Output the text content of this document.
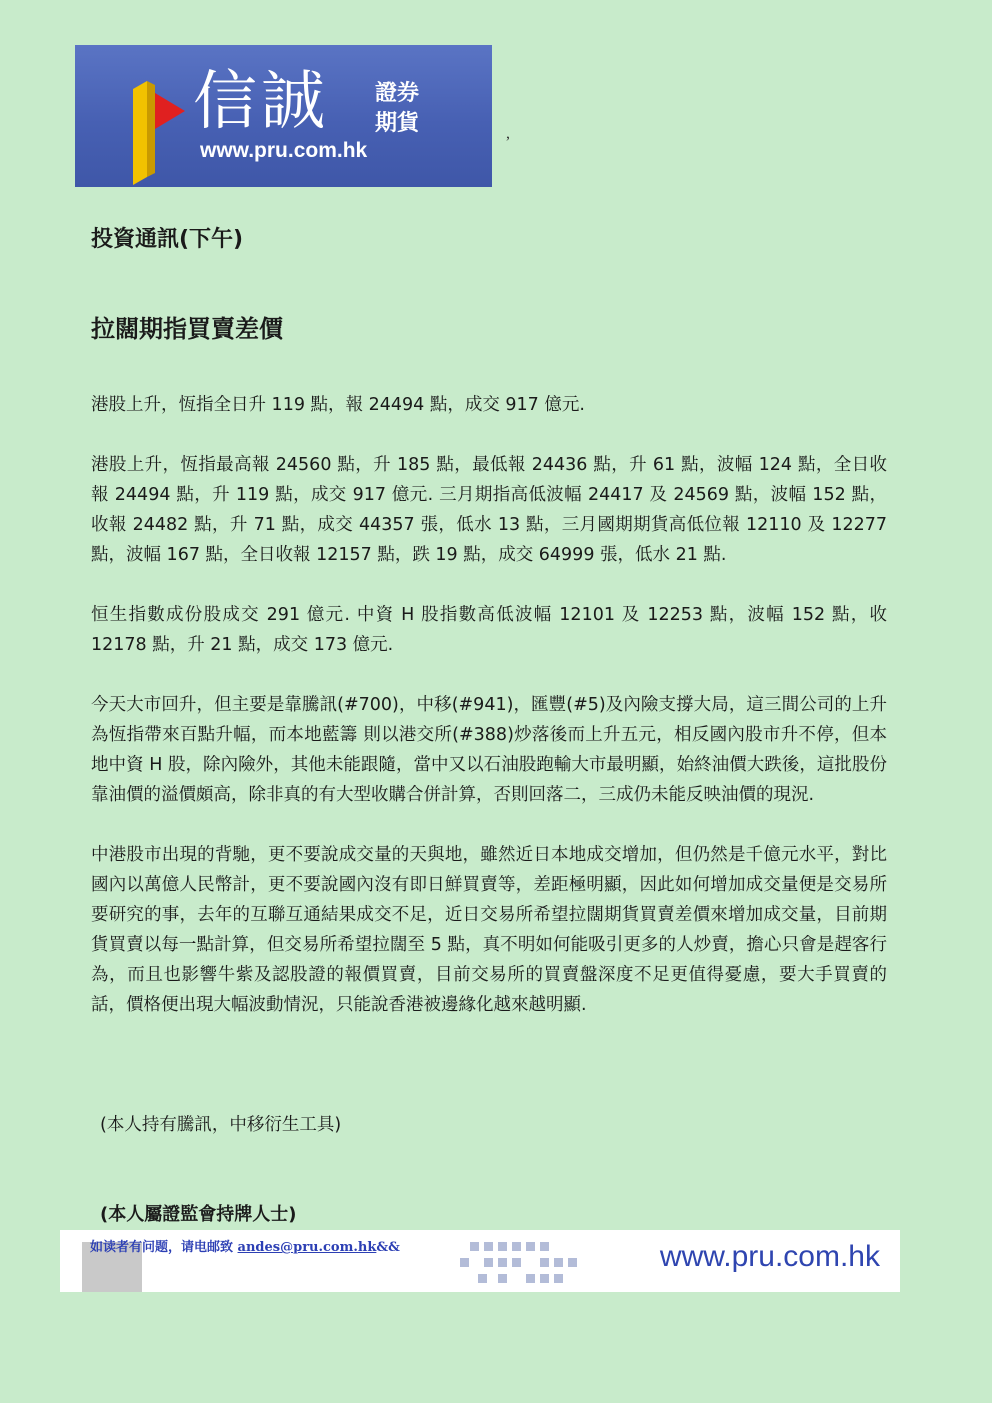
信誠 證券
期貨
www.pru.com.hk
,
投資通訊(下午)
拉闊期指買賣差價

港股上升，恆指全日升 119 點，報 24494 點，成交 917 億元.

港股上升，恆指最高報 24560 點，升 185 點，最低報 24436 點，升 61 點，波幅 124 點，全日收報 24494 點，升 119 點，成交 917 億元. 三月期指高低波幅 24417 及 24569 點，波幅 152 點，收報 24482 點，升 71 點，成交 44357 張，低水 13 點，三月國期期貨高低位報 12110 及 12277 點，波幅 167 點，全日收報 12157 點，跌 19 點，成交 64999 張，低水 21 點.

恒生指數成份股成交 291 億元. 中資 H 股指數高低波幅 12101 及 12253 點，波幅 152 點，收 12178 點，升 21 點，成交 173 億元.

今天大市回升，但主要是靠騰訊(#700)，中移(#941)，匯豐(#5)及內險支撐大局，這三間公司的上升為恆指帶來百點升幅，而本地藍籌 則以港交所(#388)炒落後而上升五元，相反國內股市升不停，但本地中資 H 股，除內險外，其他未能跟隨，當中又以石油股跑輸大市最明顯，始終油價大跌後，這批股份靠油價的溢價頗高，除非真的有大型收購合併計算，否則回落二，三成仍未能反映油價的現況.

中港股市出現的背馳，更不要說成交量的天與地，雖然近日本地成交增加，但仍然是千億元水平，對比國內以萬億人民幣計，更不要說國內沒有即日鮮買賣等，差距極明顯，因此如何增加成交量便是交易所要研究的事，去年的互聯互通結果成交不足，近日交易所希望拉闊期貨買賣差價來增加成交量，目前期貨買賣以每一點計算，但交易所希望拉闊至 5 點，真不明如何能吸引更多的人炒賣，擔心只會是趕客行為，而且也影響牛紫及認股證的報價買賣，目前交易所的買賣盤深度不足更值得憂慮，要大手買賣的話，價格便出現大幅波動情況，只能說香港被邊緣化越來越明顯.

(本人持有騰訊，中移衍生工具)
(本人屬證監會持牌人士)
如读者有问题，请电邮致 andes@pru.com.hk&&	www.pru.com.hk
